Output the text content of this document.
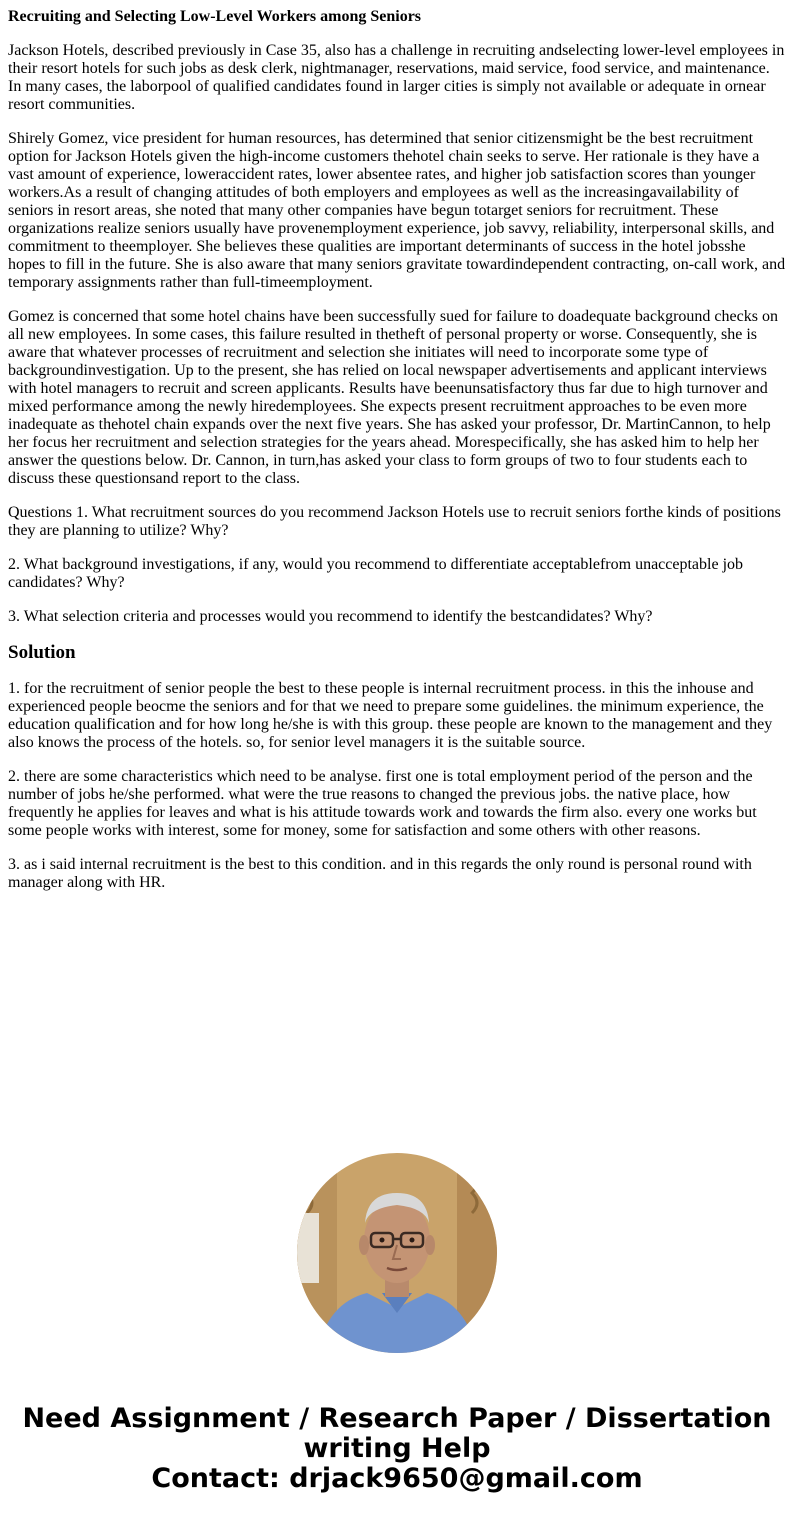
Recruiting and Selecting Low-Level Workers among Seniors

Jackson Hotels, described previously in Case 35, also has a challenge in recruiting andselecting lower-level employees in their resort hotels for such jobs as desk clerk, nightmanager, reservations, maid service, food service, and maintenance. In many cases, the laborpool of qualified candidates found in larger cities is simply not available or adequate in ornear resort communities.

Shirely Gomez, vice president for human resources, has determined that senior citizensmight be the best recruitment option for Jackson Hotels given the high-income customers thehotel chain seeks to serve. Her rationale is they have a vast amount of experience, loweraccident rates, lower absentee rates, and higher job satisfaction scores than younger workers.As a result of changing attitudes of both employers and employees as well as the increasingavailability of seniors in resort areas, she noted that many other companies have begun totarget seniors for recruitment. These organizations realize seniors usually have provenemployment experience, job savvy, reliability, interpersonal skills, and commitment to theemployer. She believes these qualities are important determinants of success in the hotel jobsshe hopes to fill in the future. She is also aware that many seniors gravitate towardindependent contracting, on-call work, and temporary assignments rather than full-timeemployment.

Gomez is concerned that some hotel chains have been successfully sued for failure to doadequate background checks on all new employees. In some cases, this failure resulted in thetheft of personal property or worse. Consequently, she is aware that whatever processes of recruitment and selection she initiates will need to incorporate some type of backgroundinvestigation. Up to the present, she has relied on local newspaper advertisements and applicant interviews with hotel managers to recruit and screen applicants. Results have beenunsatisfactory thus far due to high turnover and mixed performance among the newly hiredemployees. She expects present recruitment approaches to be even more inadequate as thehotel chain expands over the next five years. She has asked your professor, Dr. MartinCannon, to help her focus her recruitment and selection strategies for the years ahead. Morespecifically, she has asked him to help her answer the questions below. Dr. Cannon, in turn,has asked your class to form groups of two to four students each to discuss these questionsand report to the class.

Questions 1. What recruitment sources do you recommend Jackson Hotels use to recruit seniors forthe kinds of positions they are planning to utilize? Why?

2. What background investigations, if any, would you recommend to differentiate acceptablefrom unacceptable job candidates? Why?

3. What selection criteria and processes would you recommend to identify the bestcandidates? Why?

Solution

1. for the recruitment of senior people the best to these people is internal recruitment process. in this the inhouse and experienced people beocme the seniors and for that we need to prepare some guidelines. the minimum experience, the education qualification and for how long he/she is with this group. these people are known to the management and they also knows the process of the hotels. so, for senior level managers it is the suitable source.

2. there are some characteristics which need to be analyse. first one is total employment period of the person and the number of jobs he/she performed. what were the true reasons to changed the previous jobs. the native place, how frequently he applies for leaves and what is his attitude towards work and towards the firm also. every one works but some people works with interest, some for money, some for satisfaction and some others with other reasons.

3. as i said internal recruitment is the best to this condition. and in this regards the only round is personal round with manager along with HR.

Need Assignment / Research Paper / Dissertation
writing Help
Contact: drjack9650@gmail.com
